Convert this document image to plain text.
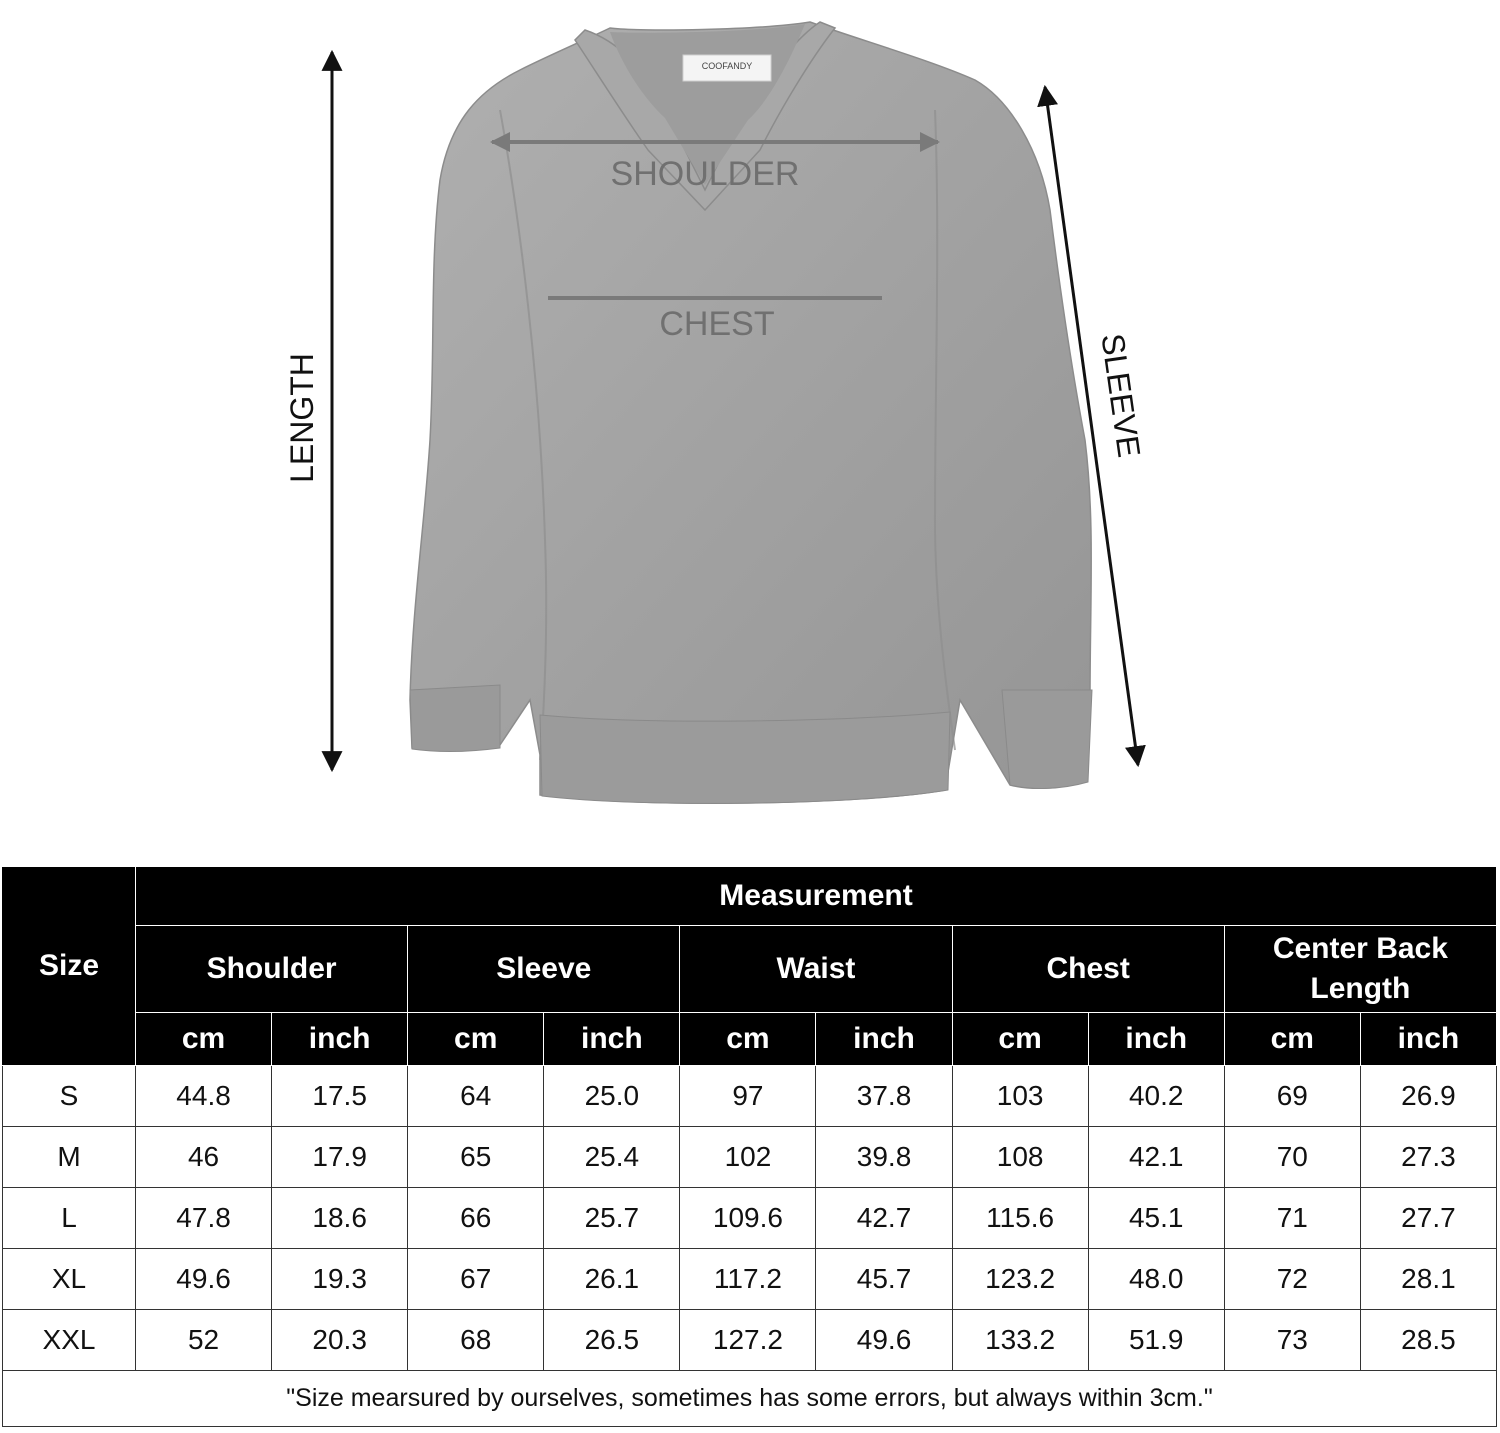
COOFANDY
SHOULDER
CHEST
LENGTH	SLEEVE
Size	Measurement									
	Shoulder		Sleeve		Waist		Chest		Center Back Length	
	cm	inch	cm	inch	cm	inch	cm	inch	cm	inch
S	44.8	17.5	64	25.0	97	37.8	103	40.2	69	26.9
M	46	17.9	65	25.4	102	39.8	108	42.1	70	27.3
L	47.8	18.6	66	25.7	109.6	42.7	115.6	45.1	71	27.7
XL	49.6	19.3	67	26.1	117.2	45.7	123.2	48.0	72	28.1
XXL	52	20.3	68	26.5	127.2	49.6	133.2	51.9	73	28.5
"Size mearsured by ourselves, sometimes has some errors, but always within 3cm."										
